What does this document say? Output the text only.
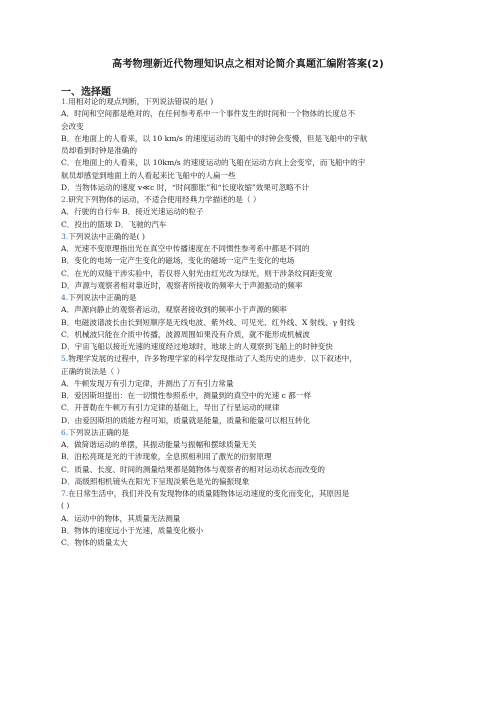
高考物理新近代物理知识点之相对论简介真题汇编附答案(2)
一、选择题
1.用相对论的观点判断，下列说法错误的是( )
A．时间和空间都是绝对的，在任何参考系中一个事件发生的时间和一个物体的长度总不
会改变
B．在地面上的人看来，以 10 km/s 的速度运动的飞船中的时钟会变慢，但是飞船中的宇航
员却看到时钟是准确的
C．在地面上的人看来，以 10km/s 的速度运动的飞船在运动方向上会变窄，而飞船中的宇
航员却感觉到地面上的人看起来比飞船中的人扁一些
D．当物体运动的速度 v≪c 时，“时间膨胀”和“长度收缩”效果可忽略不计
2.研究下列物体的运动，不适合使用经典力学描述的是（ ）
A．行驶的自行车 B．接近光速运动的粒子
C．投出的篮球 D．飞驰的汽车
3.下列说法中正确的是( )
A．光速不变原理指出光在真空中传播速度在不同惯性参考系中都是不同的
B．变化的电场一定产生变化的磁场，变化的磁场一定产生变化的电场
C．在光的双缝干涉实验中，若仅将入射光由红光改为绿光，则干涉条纹间距变宽
D．声源与观察者相对靠近时，观察者所接收的频率大于声源振动的频率
4.下列说法中正确的是
A．声源向静止的观察者运动，观察者接收到的频率小于声源的频率
B．电磁波谱波长由长到短顺序是无线电波、紫外线、可见光、红外线、X 射线、γ 射线
C．机械波只能在介质中传播，波源周围如果没有介质，就不能形成机械波
D．宇宙飞船以接近光速的速度经过地球时，地球上的人观察到飞船上的时钟变快
5.物理学发展的过程中，许多物理学家的科学发现推动了人类历史的进步．以下叙述中，
正确的说法是（ ）
A．牛顿发现万有引力定律，并测出了万有引力常量
B．爱因斯坦提出：在一切惯性参照系中，测量到的真空中的光速 c 都一样
C．开普勒在牛顿万有引力定律的基础上，导出了行星运动的规律
D．由爱因斯坦的质能方程可知，质量就是能量，质量和能量可以相互转化
6.下列说法正确的是
A．做简谐运动的单摆，其振动能量与振幅和摆球质量无关
B．泊松亮斑是光的干涉现象，全息照相利用了激光的衍射原理
C．质量、长度、时间的测量结果都是随物体与观察者的相对运动状态而改变的
D．高级照相机镜头在阳光下呈现淡紫色是光的偏振现象
7.在日常生活中，我们并没有发现物体的质量随物体运动速度的变化而变化，其原因是
( )
A．运动中的物体，其质量无法测量
B．物体的速度远小于光速，质量变化极小
C．物体的质量太大
